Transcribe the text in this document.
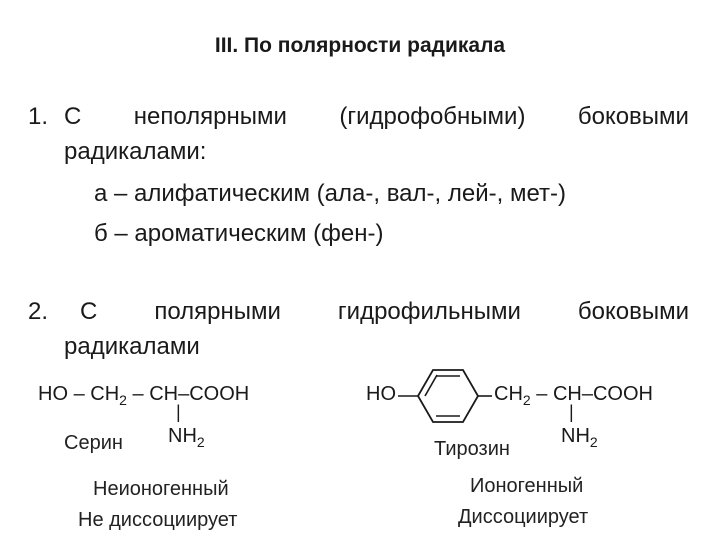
III. По полярности радикала
1. С неполярными (гидрофобными) боковыми
радикалами:
а – алифатическим (ала-, вал-, лей-, мет-)
б – ароматическим (фен-)
2. С полярными гидрофильными боковыми
радикалами
HO – $CH_2$ – CH–COOH
|
$NH_2$
Серин
Неионогенный
Не диссоциирует
HO	$CH_2$ – CH–COOH
|
$NH_2$
Тирозин
Ионогенный
Диссоциирует
